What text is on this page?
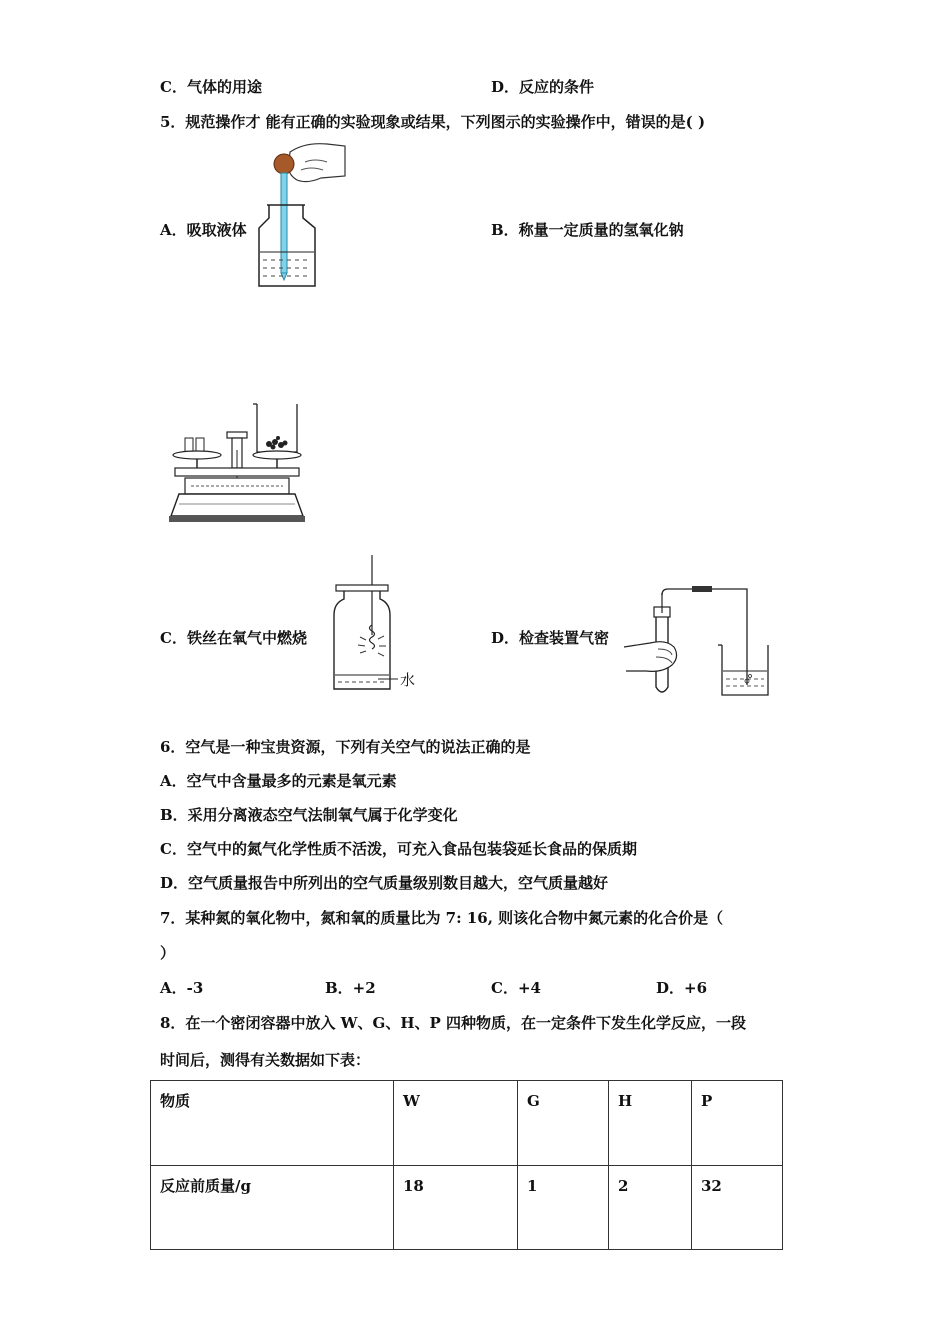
C．气体的用途	D．反应的条件
5．规范操作才 能有正确的实验现象或结果，下列图示的实验操作中，错误的是( )
A．吸取液体	B．称量一定质量的氢氧化钠
水
C．铁丝在氧气中燃烧	D．检查装置气密
6．空气是一种宝贵资源，下列有关空气的说法正确的是
A．空气中含量最多的元素是氧元素
B．采用分离液态空气法制氧气属于化学变化
C．空气中的氮气化学性质不活泼，可充入食品包装袋延长食品的保质期
D．空气质量报告中所列出的空气质量级别数目越大，空气质量越好
7．某种氮的氧化物中，氮和氧的质量比为 7: 16, 则该化合物中氮元素的化合价是（
）
A．-3	B．+2	C．+4	D．+6
8．在一个密闭容器中放入 W、G、H、P 四种物质，在一定条件下发生化学反应，一段
时间后，测得有关数据如下表：
物质	W	G	H	P
反应前质量/g	18	1	2	32
